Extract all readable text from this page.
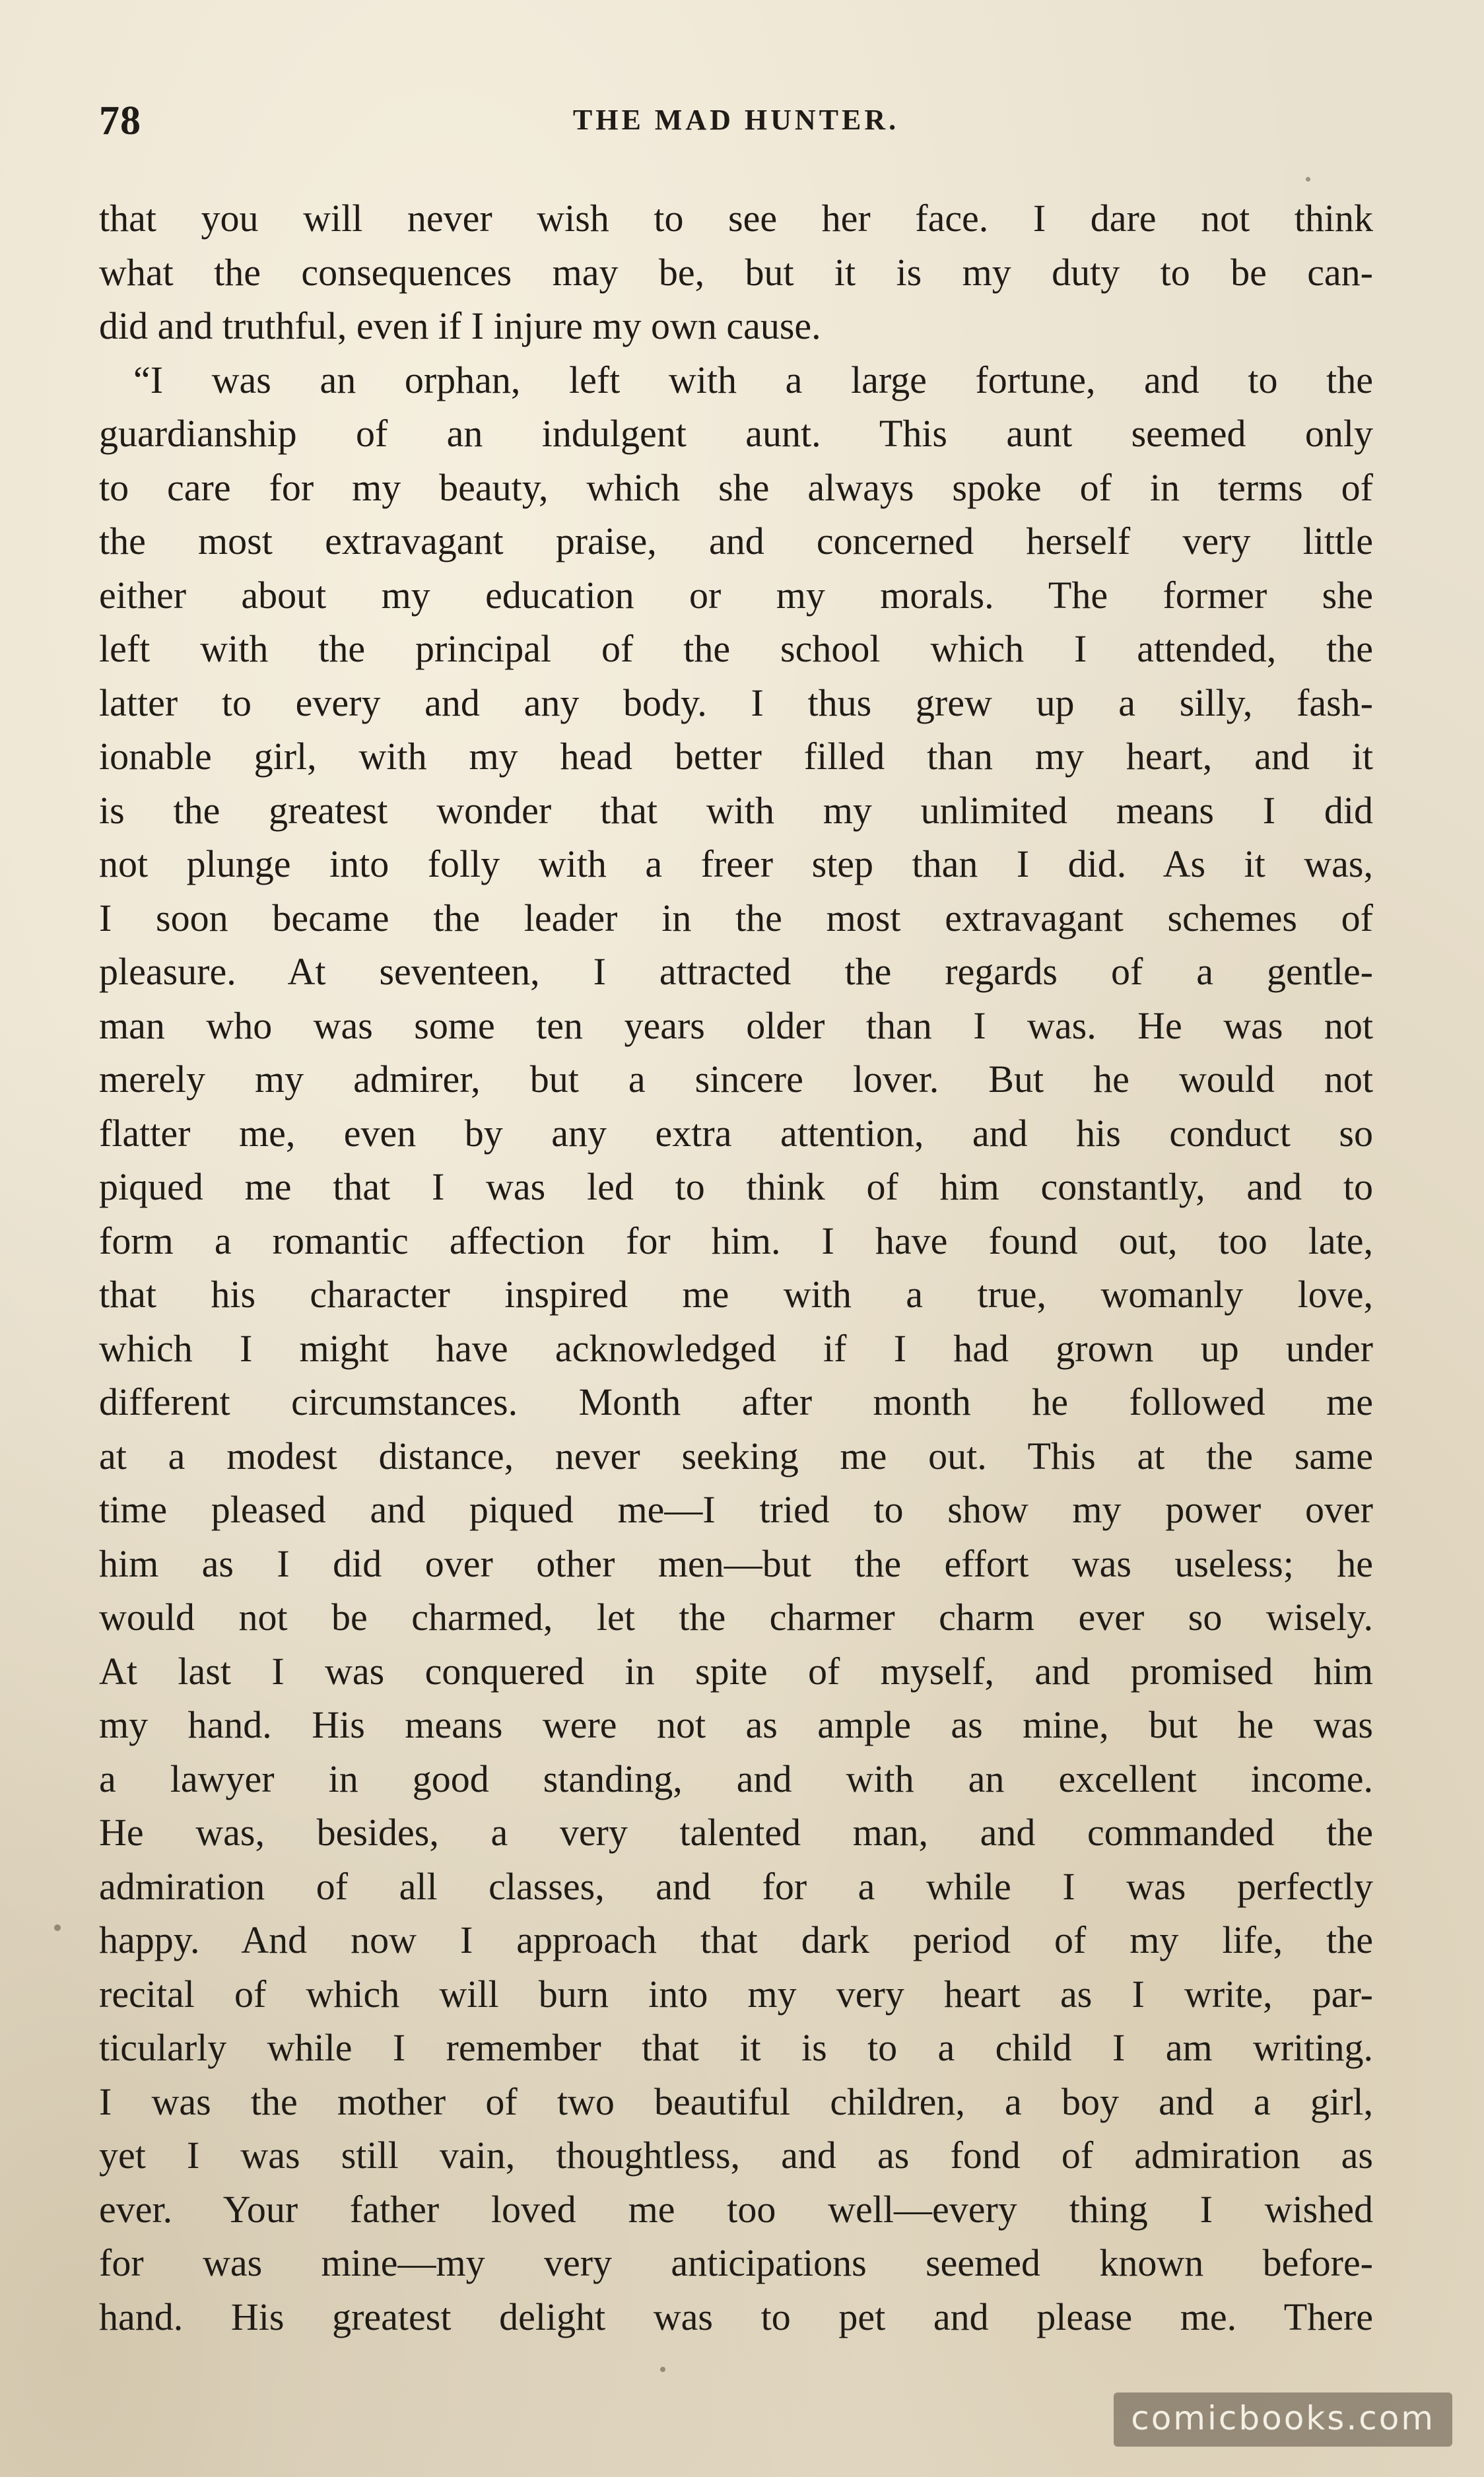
78	THE MAD HUNTER.
that you will never wish to see her face. I dare not think
what the consequences may be, but it is my duty to be can-
did and truthful, even if I injure my own cause.
“I was an orphan, left with a large fortune, and to the
guardianship of an indulgent aunt. This aunt seemed only
to care for my beauty, which she always spoke of in terms of
the most extravagant praise, and concerned herself very little
either about my education or my morals. The former she
left with the principal of the school which I attended, the
latter to every and any body. I thus grew up a silly, fash-
ionable girl, with my head better filled than my heart, and it
is the greatest wonder that with my unlimited means I did
not plunge into folly with a freer step than I did. As it was,
I soon became the leader in the most extravagant schemes of
pleasure. At seventeen, I attracted the regards of a gentle-
man who was some ten years older than I was. He was not
merely my admirer, but a sincere lover. But he would not
flatter me, even by any extra attention, and his conduct so
piqued me that I was led to think of him constantly, and to
form a romantic affection for him. I have found out, too late,
that his character inspired me with a true, womanly love,
which I might have acknowledged if I had grown up under
different circumstances. Month after month he followed me
at a modest distance, never seeking me out. This at the same
time pleased and piqued me—I tried to show my power over
him as I did over other men—but the effort was useless; he
would not be charmed, let the charmer charm ever so wisely.
At last I was conquered in spite of myself, and promised him
my hand. His means were not as ample as mine, but he was
a lawyer in good standing, and with an excellent income.
He was, besides, a very talented man, and commanded the
admiration of all classes, and for a while I was perfectly
happy. And now I approach that dark period of my life, the
recital of which will burn into my very heart as I write, par-
ticularly while I remember that it is to a child I am writing.
I was the mother of two beautiful children, a boy and a girl,
yet I was still vain, thoughtless, and as fond of admiration as
ever. Your father loved me too well—every thing I wished
for was mine—my very anticipations seemed known before-
hand. His greatest delight was to pet and please me. There
comicbooks.com
